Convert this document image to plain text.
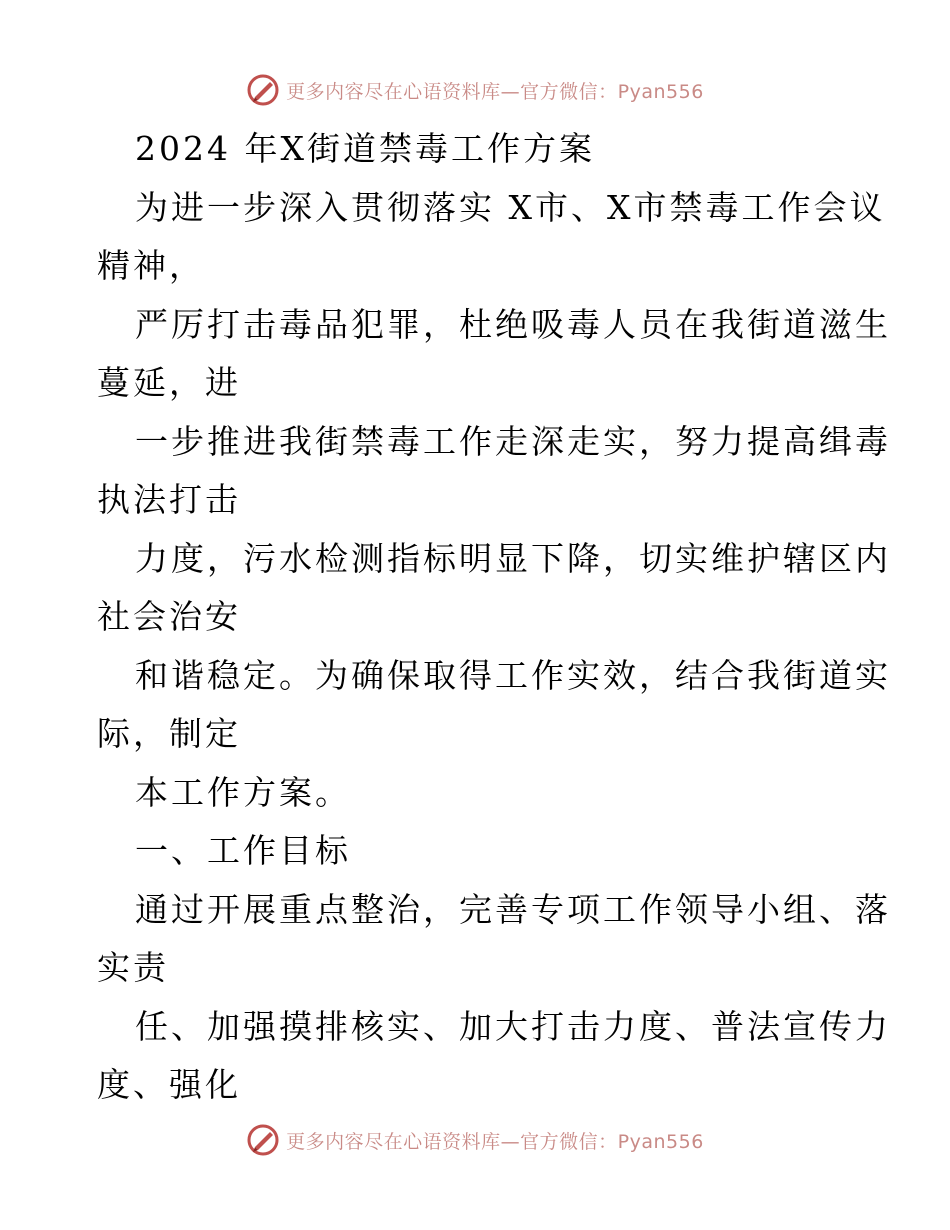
更多内容尽在心语资料库—官方微信：Pyan556
2024 年X街道禁毒工作方案
为进一步深入贯彻落实 X市、X市禁毒工作会议
精神，
严厉打击毒品犯罪，杜绝吸毒人员在我街道滋生
蔓延，进
一步推进我街禁毒工作走深走实，努力提高缉毒
执法打击
力度，污水检测指标明显下降，切实维护辖区内
社会治安
和谐稳定。为确保取得工作实效，结合我街道实
际，制定
本工作方案。
一、工作目标
通过开展重点整治，完善专项工作领导小组、落
实责
任、加强摸排核实、加大打击力度、普法宣传力
度、强化
更多内容尽在心语资料库—官方微信：Pyan556
